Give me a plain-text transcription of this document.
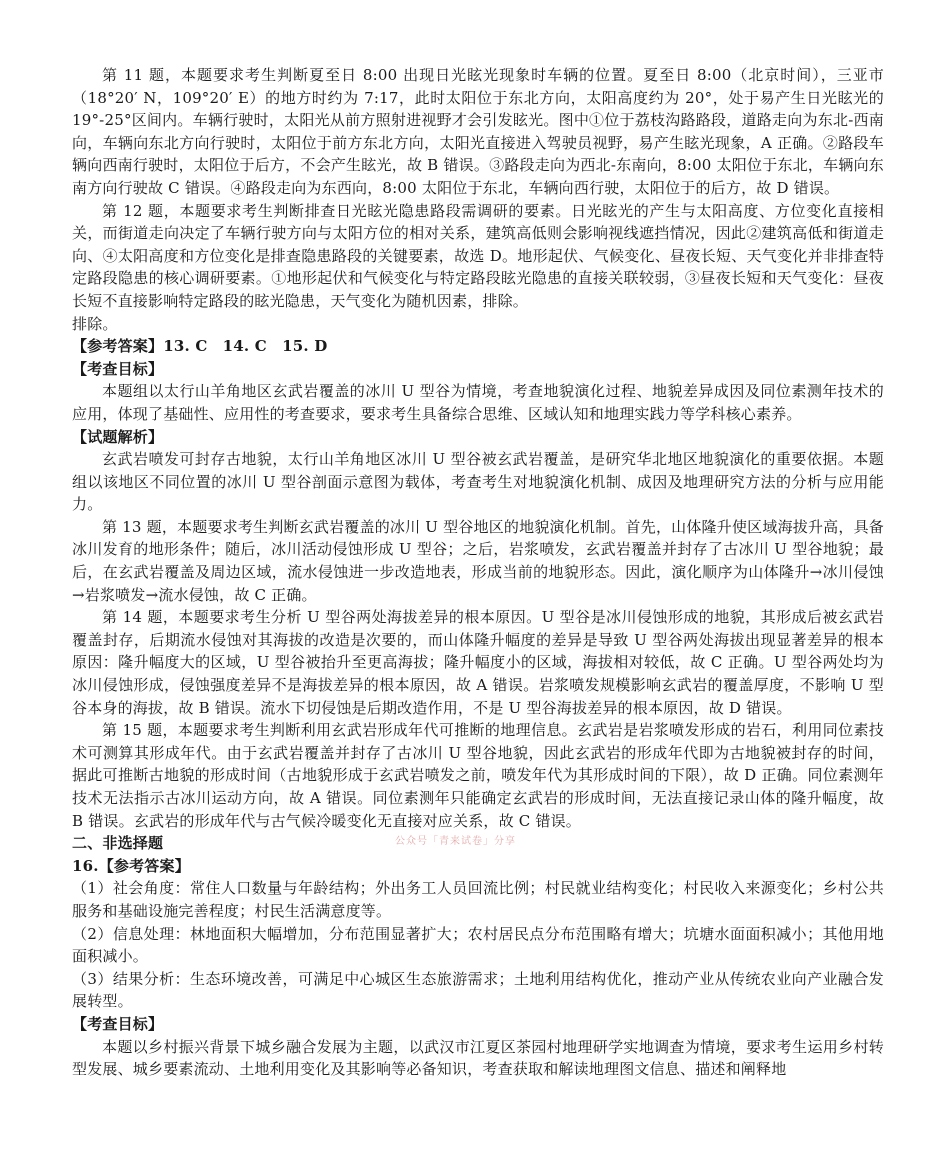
第 11 题，本题要求考生判断夏至日 8:00 出现日光眩光现象时车辆的位置。夏至日 8:00（北京时间），三亚市（18°20′ N，109°20′ E）的地方时约为 7:17，此时太阳位于东北方向，太阳高度约为 20°，处于易产生日光眩光的 19°-25°区间内。车辆行驶时，太阳光从前方照射进视野才会引发眩光。图中①位于荔枝沟路路段，道路走向为东北-西南向，车辆向东北方向行驶时，太阳位于前方东北方向，太阳光直接进入驾驶员视野，易产生眩光现象，A 正确。②路段车辆向西南行驶时，太阳位于后方，不会产生眩光，故 B 错误。③路段走向为西北-东南向，8:00 太阳位于东北，车辆向东南方向行驶故 C 错误。④路段走向为东西向，8:00 太阳位于东北，车辆向西行驶，太阳位于的后方，故 D 错误。

第 12 题，本题要求考生判断排查日光眩光隐患路段需调研的要素。日光眩光的产生与太阳高度、方位变化直接相关，而街道走向决定了车辆行驶方向与太阳方位的相对关系，建筑高低则会影响视线遮挡情况，因此②建筑高低和街道走向、④太阳高度和方位变化是排查隐患路段的关键要素，故选 D。地形起伏、气候变化、昼夜长短、天气变化并非排查特定路段隐患的核心调研要素。①地形起伏和气候变化与特定路段眩光隐患的直接关联较弱，③昼夜长短和天气变化：昼夜长短不直接影响特定路段的眩光隐患，天气变化为随机因素，排除。

排除。

【参考答案】13. C　14. C　15. D

【考查目标】

本题组以太行山羊角地区玄武岩覆盖的冰川 U 型谷为情境，考查地貌演化过程、地貌差异成因及同位素测年技术的应用，体现了基础性、应用性的考查要求，要求考生具备综合思维、区域认知和地理实践力等学科核心素养。

【试题解析】

玄武岩喷发可封存古地貌，太行山羊角地区冰川 U 型谷被玄武岩覆盖，是研究华北地区地貌演化的重要依据。本题组以该地区不同位置的冰川 U 型谷剖面示意图为载体，考查考生对地貌演化机制、成因及地理研究方法的分析与应用能力。

第 13 题，本题要求考生判断玄武岩覆盖的冰川 U 型谷地区的地貌演化机制。首先，山体隆升使区域海拔升高，具备冰川发育的地形条件；随后，冰川活动侵蚀形成 U 型谷；之后，岩浆喷发，玄武岩覆盖并封存了古冰川 U 型谷地貌；最后，在玄武岩覆盖及周边区域，流水侵蚀进一步改造地表，形成当前的地貌形态。因此，演化顺序为山体隆升→冰川侵蚀→岩浆喷发→流水侵蚀，故 C 正确。

第 14 题，本题要求考生分析 U 型谷两处海拔差异的根本原因。U 型谷是冰川侵蚀形成的地貌，其形成后被玄武岩覆盖封存，后期流水侵蚀对其海拔的改造是次要的，而山体隆升幅度的差异是导致 U 型谷两处海拔出现显著差异的根本原因：隆升幅度大的区域，U 型谷被抬升至更高海拔；隆升幅度小的区域，海拔相对较低，故 C 正确。U 型谷两处均为冰川侵蚀形成，侵蚀强度差异不是海拔差异的根本原因，故 A 错误。岩浆喷发规模影响玄武岩的覆盖厚度，不影响 U 型谷本身的海拔，故 B 错误。流水下切侵蚀是后期改造作用，不是 U 型谷海拔差异的根本原因，故 D 错误。

第 15 题，本题要求考生判断利用玄武岩形成年代可推断的地理信息。玄武岩是岩浆喷发形成的岩石，利用同位素技术可测算其形成年代。由于玄武岩覆盖并封存了古冰川 U 型谷地貌，因此玄武岩的形成年代即为古地貌被封存的时间，据此可推断古地貌的形成时间（古地貌形成于玄武岩喷发之前，喷发年代为其形成时间的下限），故 D 正确。同位素测年技术无法指示古冰川运动方向，故 A 错误。同位素测年只能确定玄武岩的形成时间，无法直接记录山体的隆升幅度，故 B 错误。玄武岩的形成年代与古气候冷暖变化无直接对应关系，故 C 错误。

二、非选择题

16.【参考答案】

（1）社会角度：常住人口数量与年龄结构；外出务工人员回流比例；村民就业结构变化；村民收入来源变化；乡村公共服务和基础设施完善程度；村民生活满意度等。

（2）信息处理：林地面积大幅增加，分布范围显著扩大；农村居民点分布范围略有增大；坑塘水面面积减小；其他用地面积减小。

（3）结果分析：生态环境改善，可满足中心城区生态旅游需求；土地利用结构优化，推动产业从传统农业向产业融合发展转型。

【考查目标】

本题以乡村振兴背景下城乡融合发展为主题，以武汉市江夏区茶园村地理研学实地调查为情境，要求考生运用乡村转型发展、城乡要素流动、土地利用变化及其影响等必备知识，考查获取和解读地理图文信息、描述和阐释地

公众号「青来试卷」分享
